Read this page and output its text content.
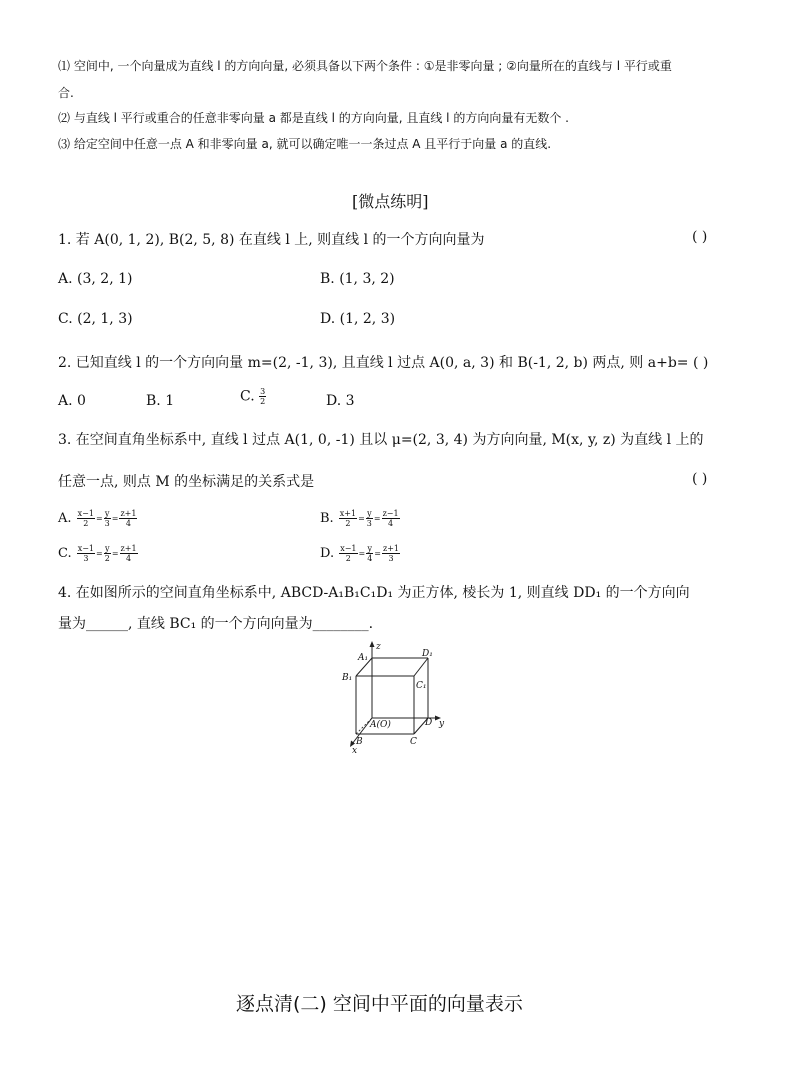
⑴ 空间中, 一个向量成为直线 l 的方向向量, 必须具备以下两个条件 : ①是非零向量 ; ②向量所在的直线与 l 平行或重
合.
⑵ 与直线 l 平行或重合的任意非零向量 a 都是直线 l 的方向向量, 且直线 l 的方向向量有无数个 .
⑶ 给定空间中任意一点 A 和非零向量 a, 就可以确定唯一一条过点 A 且平行于向量 a 的直线.
[微点练明]
1. 若 A(0, 1, 2), B(2, 5, 8) 在直线 l 上, 则直线 l 的一个方向向量为	( )
A. (3, 2, 1)	B. (1, 3, 2)
C. (2, 1, 3)	D. (1, 2, 3)
2. 已知直线 l 的一个方向向量 m=(2, -1, 3), 且直线 l 过点 A(0, a, 3) 和 B(-1, 2, b) 两点, 则 a+b= ( )
A. 0	B. 1	C. $\frac{3}{2}$	D. 3
3. 在空间直角坐标系中, 直线 l 过点 A(1, 0, -1) 且以 μ=(2, 3, 4) 为方向向量, M(x, y, z) 为直线 l 上的
任意一点, 则点 M 的坐标满足的关系式是	( )
A. $\frac{x-1}{2} = \frac{y}{3} = \frac{z+1}{4}$	B. $\frac{x+1}{2} = \frac{y}{3} = \frac{z-1}{4}$
C. $\frac{x-1}{3} = \frac{y}{2} = \frac{z+1}{4}$	D. $\frac{x-1}{2} = \frac{y}{4} = \frac{z+1}{3}$
4. 在如图所示的空间直角坐标系中, ABCD-A₁B₁C₁D₁ 为正方体, 棱长为 1, 则直线 DD₁ 的一个方向向
量为______, 直线 BC₁ 的一个方向向量为________.
z
y
x
A₁	D₁
B₁
C₁
A(O)	D
B	C
逐点清(二) 空间中平面的向量表示
